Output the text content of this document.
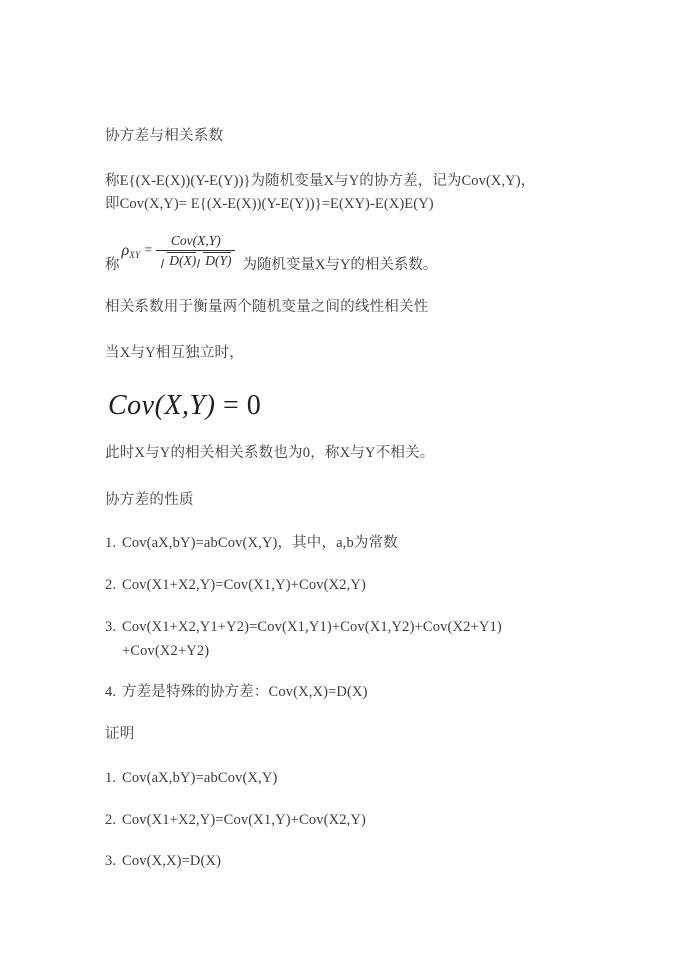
协方差与相关系数
称E{(X-E(X))(Y-E(Y))}为随机变量X与Y的协方差，记为Cov(X,Y)，
即Cov(X,Y)= E{(X-E(X))(Y-E(Y))}=E(XY)-E(X)E(Y)
称
ρ XY = $\frac{\text{Cov(X,Y)}}{D(X) D(Y)}$ 为随机变量X与Y的相关系数。
相关系数用于衡量两个随机变量之间的线性相关性
当X与Y相互独立时，
Cov(X,Y) = 0
此时X与Y的相关相关系数也为0，称X与Y不相关。
协方差的性质
1. Cov(aX,bY)=abCov(X,Y)，其中，a,b为常数
2. Cov(X1+X2,Y)=Cov(X1,Y)+Cov(X2,Y)
3. Cov(X1+X2,Y1+Y2)=Cov(X1,Y1)+Cov(X1,Y2)+Cov(X2+Y1)
+Cov(X2+Y2)
4. 方差是特殊的协方差：Cov(X,X)=D(X)
证明
1. Cov(aX,bY)=abCov(X,Y)
2. Cov(X1+X2,Y)=Cov(X1,Y)+Cov(X2,Y)
3. Cov(X,X)=D(X)
